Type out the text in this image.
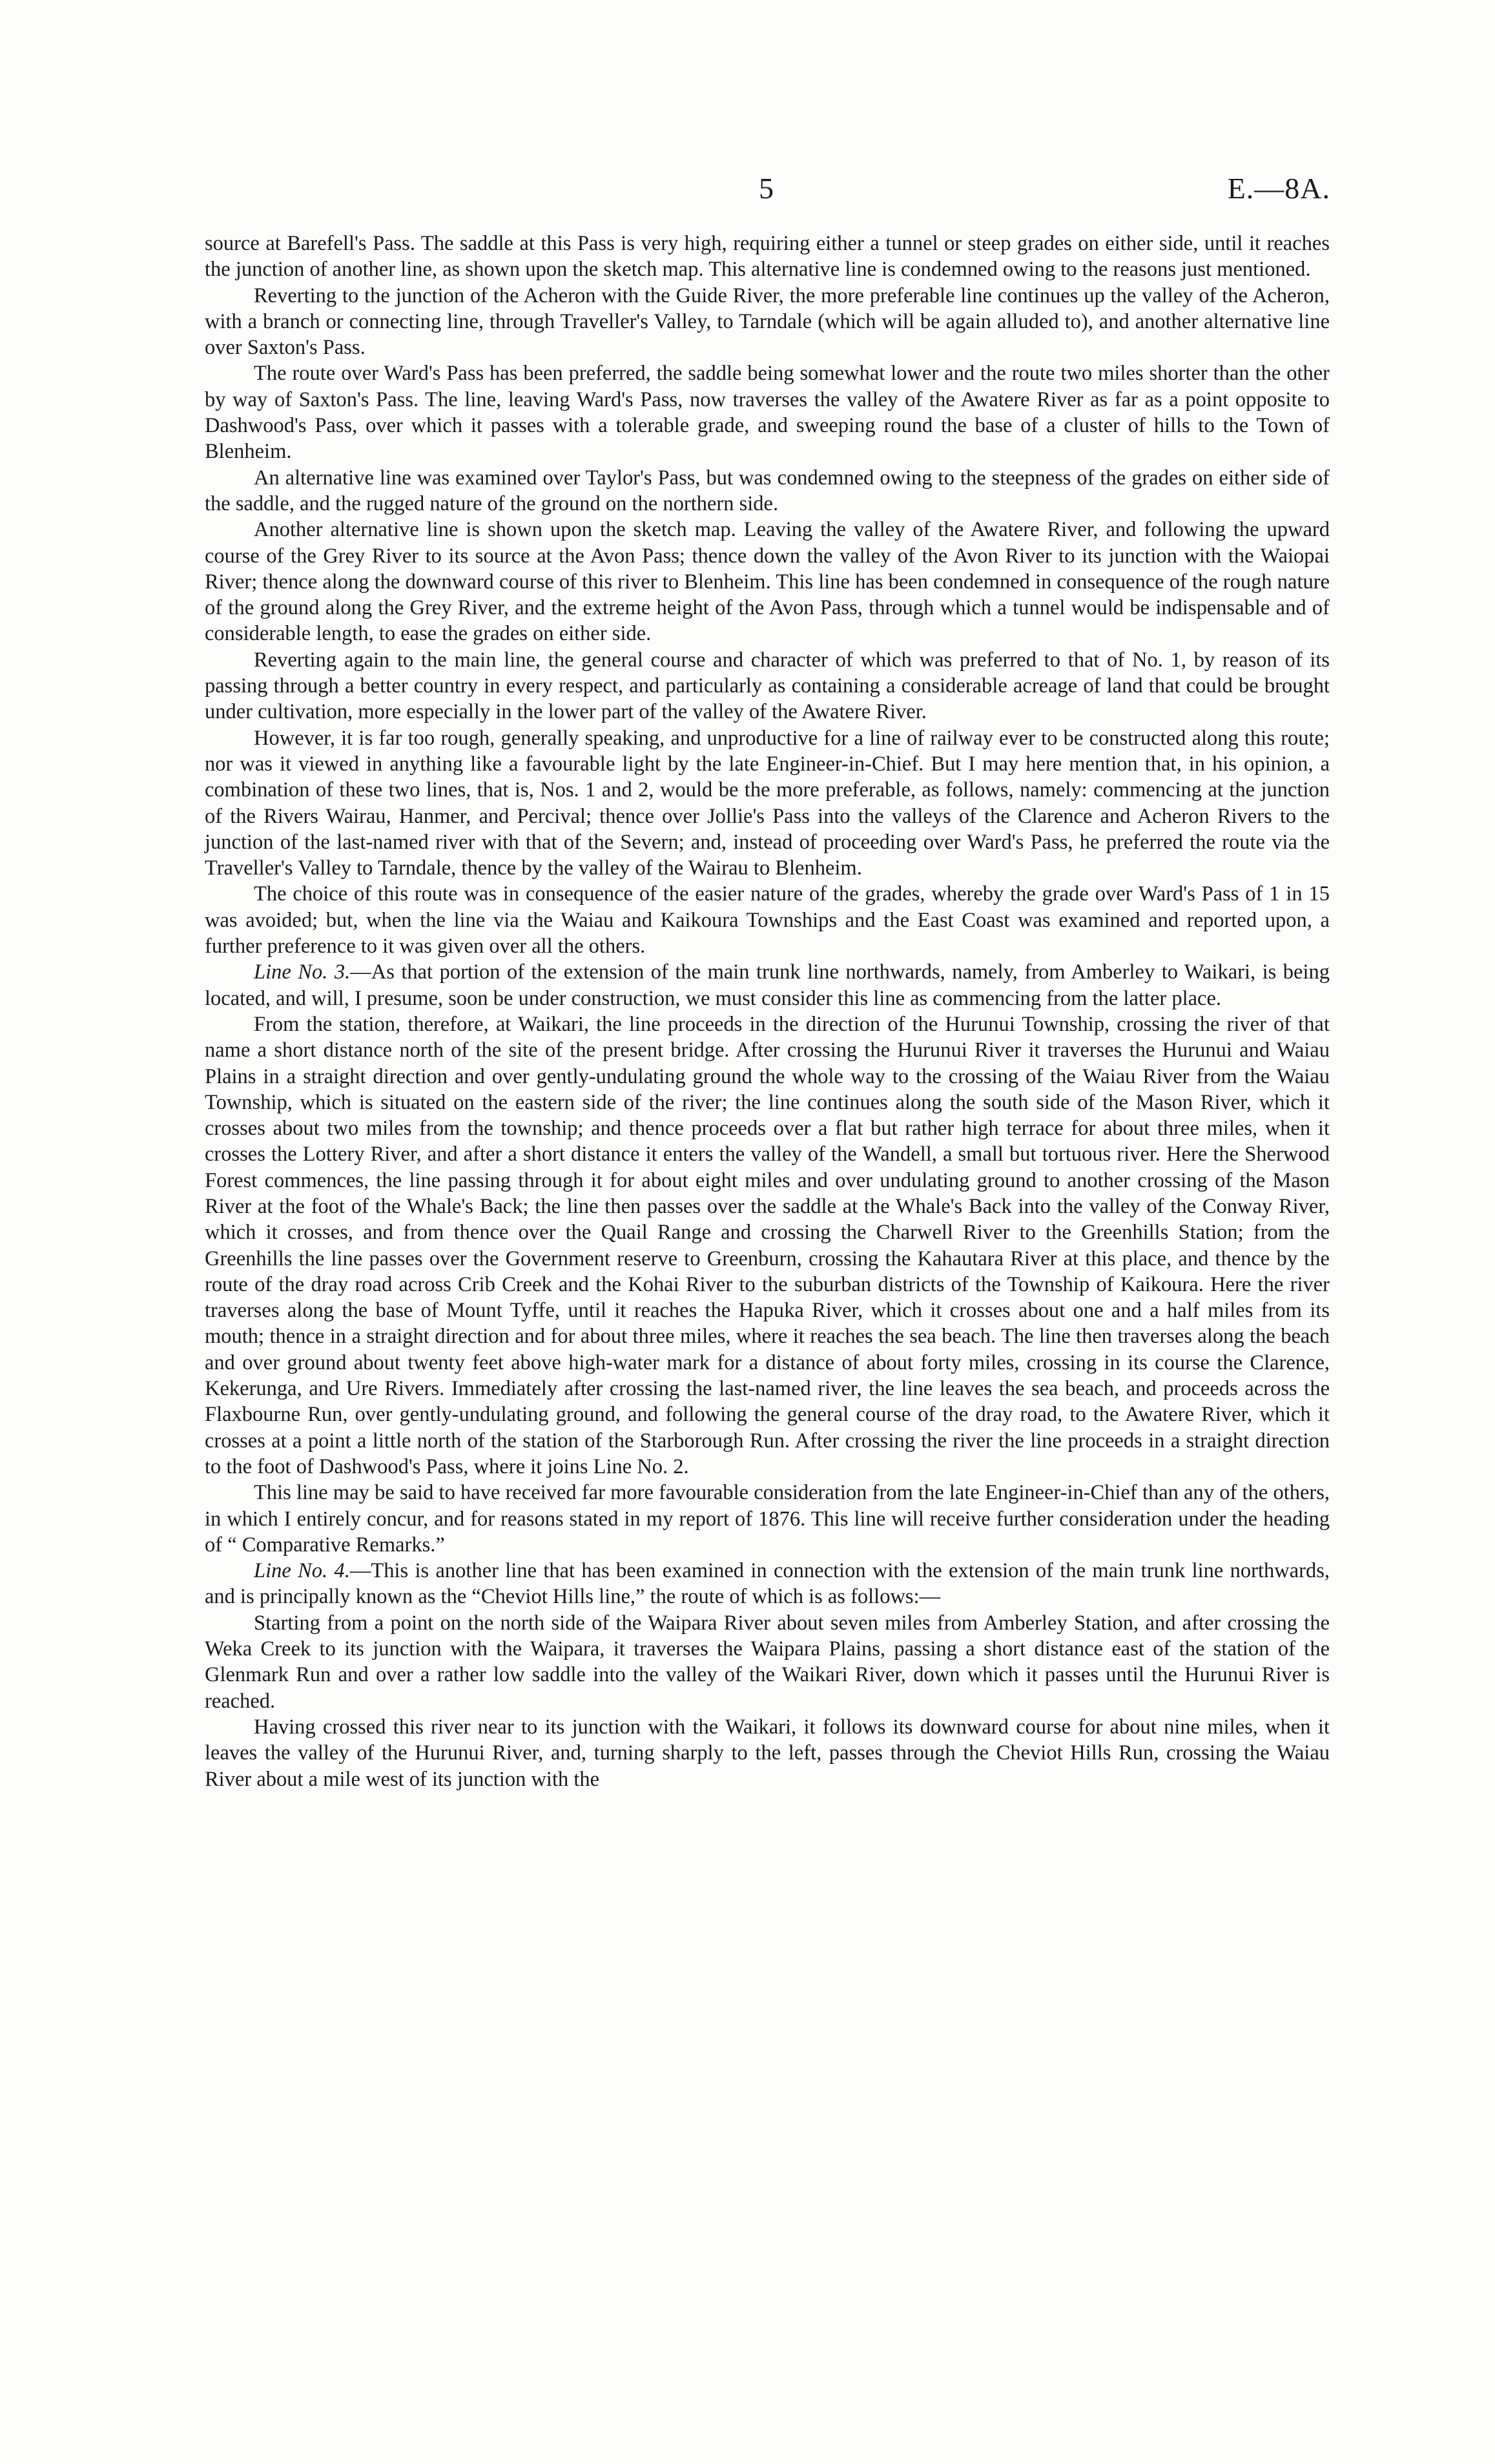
5	E.—8A.

source at Barefell's Pass. The saddle at this Pass is very high, requiring either a tunnel or steep grades on either side, until it reaches the junction of another line, as shown upon the sketch map. This alternative line is condemned owing to the reasons just mentioned.

Reverting to the junction of the Acheron with the Guide River, the more preferable line continues up the valley of the Acheron, with a branch or connecting line, through Traveller's Valley, to Tarndale (which will be again alluded to), and another alternative line over Saxton's Pass.

The route over Ward's Pass has been preferred, the saddle being somewhat lower and the route two miles shorter than the other by way of Saxton's Pass. The line, leaving Ward's Pass, now traverses the valley of the Awatere River as far as a point opposite to Dashwood's Pass, over which it passes with a tolerable grade, and sweeping round the base of a cluster of hills to the Town of Blenheim.

An alternative line was examined over Taylor's Pass, but was condemned owing to the steepness of the grades on either side of the saddle, and the rugged nature of the ground on the northern side.

Another alternative line is shown upon the sketch map. Leaving the valley of the Awatere River, and following the upward course of the Grey River to its source at the Avon Pass; thence down the valley of the Avon River to its junction with the Waiopai River; thence along the downward course of this river to Blenheim. This line has been condemned in consequence of the rough nature of the ground along the Grey River, and the extreme height of the Avon Pass, through which a tunnel would be indispensable and of considerable length, to ease the grades on either side.

Reverting again to the main line, the general course and character of which was preferred to that of No. 1, by reason of its passing through a better country in every respect, and particularly as containing a considerable acreage of land that could be brought under cultivation, more especially in the lower part of the valley of the Awatere River.

However, it is far too rough, generally speaking, and unproductive for a line of railway ever to be constructed along this route; nor was it viewed in anything like a favourable light by the late Engineer-in-Chief. But I may here mention that, in his opinion, a combination of these two lines, that is, Nos. 1 and 2, would be the more preferable, as follows, namely: commencing at the junction of the Rivers Wairau, Hanmer, and Percival; thence over Jollie's Pass into the valleys of the Clarence and Acheron Rivers to the junction of the last-named river with that of the Severn; and, instead of proceeding over Ward's Pass, he preferred the route via the Traveller's Valley to Tarndale, thence by the valley of the Wairau to Blenheim.

The choice of this route was in consequence of the easier nature of the grades, whereby the grade over Ward's Pass of 1 in 15 was avoided; but, when the line via the Waiau and Kaikoura Townships and the East Coast was examined and reported upon, a further preference to it was given over all the others.

Line No. 3.—As that portion of the extension of the main trunk line northwards, namely, from Amberley to Waikari, is being located, and will, I presume, soon be under construction, we must consider this line as commencing from the latter place.

From the station, therefore, at Waikari, the line proceeds in the direction of the Hurunui Township, crossing the river of that name a short distance north of the site of the present bridge. After crossing the Hurunui River it traverses the Hurunui and Waiau Plains in a straight direction and over gently-undulating ground the whole way to the crossing of the Waiau River from the Waiau Township, which is situated on the eastern side of the river; the line continues along the south side of the Mason River, which it crosses about two miles from the township; and thence proceeds over a flat but rather high terrace for about three miles, when it crosses the Lottery River, and after a short distance it enters the valley of the Wandell, a small but tortuous river. Here the Sherwood Forest commences, the line passing through it for about eight miles and over undulating ground to another crossing of the Mason River at the foot of the Whale's Back; the line then passes over the saddle at the Whale's Back into the valley of the Conway River, which it crosses, and from thence over the Quail Range and crossing the Charwell River to the Greenhills Station; from the Greenhills the line passes over the Government reserve to Greenburn, crossing the Kahautara River at this place, and thence by the route of the dray road across Crib Creek and the Kohai River to the suburban districts of the Township of Kaikoura. Here the river traverses along the base of Mount Tyffe, until it reaches the Hapuka River, which it crosses about one and a half miles from its mouth; thence in a straight direction and for about three miles, where it reaches the sea beach. The line then traverses along the beach and over ground about twenty feet above high-water mark for a distance of about forty miles, crossing in its course the Clarence, Kekerunga, and Ure Rivers. Immediately after crossing the last-named river, the line leaves the sea beach, and proceeds across the Flaxbourne Run, over gently-undulating ground, and following the general course of the dray road, to the Awatere River, which it crosses at a point a little north of the station of the Starborough Run. After crossing the river the line proceeds in a straight direction to the foot of Dashwood's Pass, where it joins Line No. 2.

This line may be said to have received far more favourable consideration from the late Engineer-in-Chief than any of the others, in which I entirely concur, and for reasons stated in my report of 1876. This line will receive further consideration under the heading of “ Comparative Remarks.”

Line No. 4.—This is another line that has been examined in connection with the extension of the main trunk line northwards, and is principally known as the “Cheviot Hills line,” the route of which is as follows:—

Starting from a point on the north side of the Waipara River about seven miles from Amberley Station, and after crossing the Weka Creek to its junction with the Waipara, it traverses the Waipara Plains, passing a short distance east of the station of the Glenmark Run and over a rather low saddle into the valley of the Waikari River, down which it passes until the Hurunui River is reached.

Having crossed this river near to its junction with the Waikari, it follows its downward course for about nine miles, when it leaves the valley of the Hurunui River, and, turning sharply to the left, passes through the Cheviot Hills Run, crossing the Waiau River about a mile west of its junction with the
